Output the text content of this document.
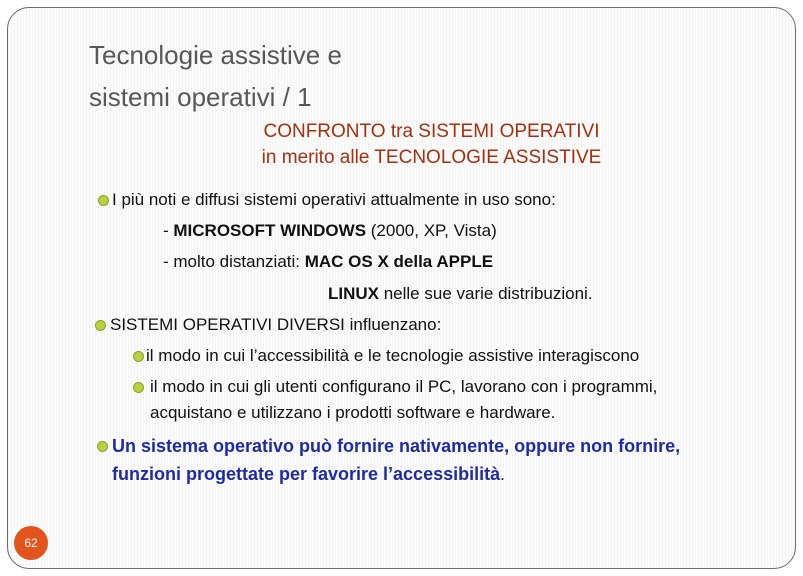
Tecnologie assistive e
sistemi operativi / 1
CONFRONTO tra SISTEMI OPERATIVI
in merito alle TECNOLOGIE ASSISTIVE
I più noti e diffusi sistemi operativi attualmente in uso sono:
- MICROSOFT WINDOWS (2000, XP, Vista)
- molto distanziati: MAC OS X della APPLE
LINUX nelle sue varie distribuzioni.
SISTEMI OPERATIVI DIVERSI influenzano:
il modo in cui l’accessibilità e le tecnologie assistive interagiscono
il modo in cui gli utenti configurano il PC, lavorano con i programmi,
acquistano e utilizzano i prodotti software e hardware.
Un sistema operativo può fornire nativamente, oppure non fornire,
funzioni progettate per favorire l’accessibilità.
62
